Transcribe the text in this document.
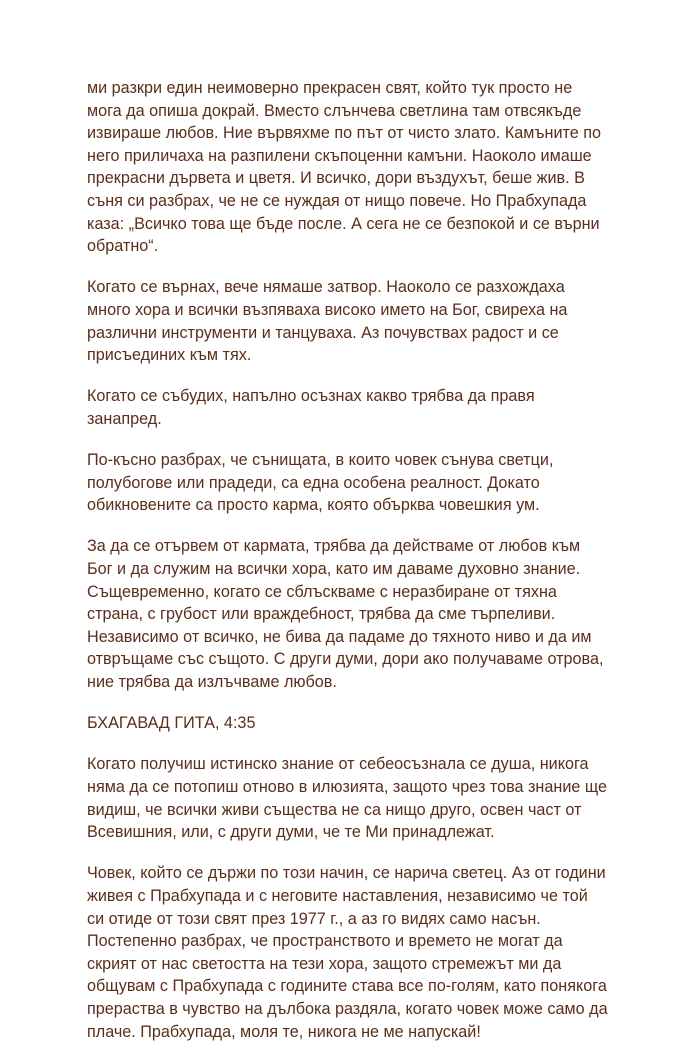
ми разкри един неимоверно прекрасен свят, който тук просто не
мога да опиша докрай. Вместо слънчева светлина там отвсякъде
извираше любов. Ние вървяхме по път от чисто злато. Камъните по
него приличаха на разпилени скъпоценни камъни. Наоколо имаше
прекрасни дървета и цветя. И всичко, дори въздухът, беше жив. В
съня си разбрах, че не се нуждая от нищо повече. Но Прабхупада
каза: „Всичко това ще бъде после. А сега не се безпокой и се върни
обратно“.

Когато се върнах, вече нямаше затвор. Наоколо се разхождаха
много хора и всички възпяваха високо името на Бог, свиреха на
различни инструменти и танцуваха. Аз почувствах радост и се
присъединих към тях.

Когато се събудих, напълно осъзнах какво трябва да правя
занапред.

По-късно разбрах, че сънищата, в които човек сънува светци,
полубогове или прадеди, са една особена реалност. Докато
обикновените са просто карма, която обърква човешкия ум.

За да се отървем от кармата, трябва да действаме от любов към
Бог и да служим на всички хора, като им даваме духовно знание.
Същевременно, когато се сблъскваме с неразбиране от тяхна
страна, с грубост или враждебност, трябва да сме търпеливи.
Независимо от всичко, не бива да падаме до тяхното ниво и да им
отвръщаме със същото. С други думи, дори ако получаваме отрова,
ние трябва да излъчваме любов.

БХАГАВАД ГИТА, 4:35

Когато получиш истинско знание от себеосъзнала се душа, никога
няма да се потопиш отново в илюзията, защото чрез това знание ще
видиш, че всички живи същества не са нищо друго, освен част от
Всевишния, или, с други думи, че те Ми принадлежат.

Човек, който се държи по този начин, се нарича светец. Аз от години
живея с Прабхупада и с неговите наставления, независимо че той
си отиде от този свят през 1977 г., а аз го видях само насън.
Постепенно разбрах, че пространството и времето не могат да
скрият от нас светостта на тези хора, защото стремежът ми да
общувам с Прабхупада с годините става все по-голям, като понякога
прераства в чувство на дълбока раздяла, когато човек може само да
плаче. Прабхупада, моля те, никога не ме напускай!
